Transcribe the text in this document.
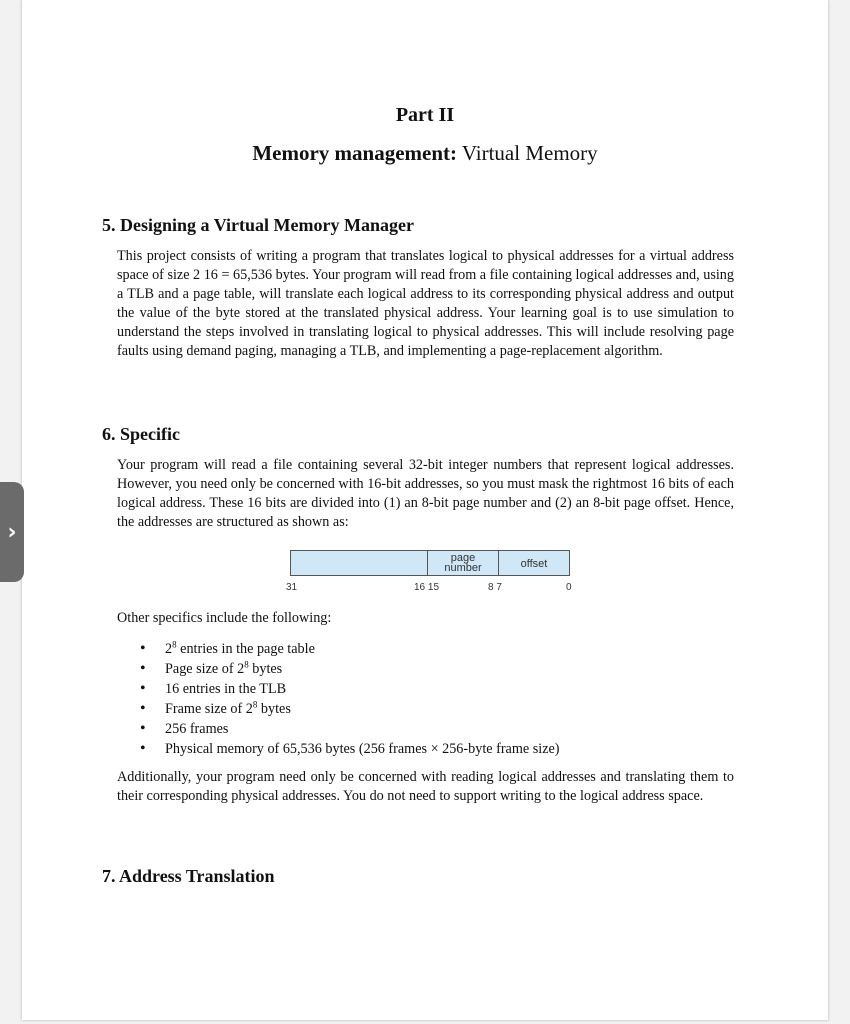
Part II
Memory management: Virtual Memory
5. Designing a Virtual Memory Manager
This project consists of writing a program that translates logical to physical addresses for a virtual address space of size 2 16 = 65,536 bytes. Your program will read from a file containing logical addresses and, using a TLB and a page table, will translate each logical address to its corresponding physical address and output the value of the byte stored at the translated physical address. Your learning goal is to use simulation to understand the steps involved in translating logical to physical addresses. This will include resolving page faults using demand paging, managing a TLB, and implementing a page-replacement algorithm.
6. Specific
Your program will read a file containing several 32-bit integer numbers that represent logical addresses. However, you need only be concerned with 16-bit addresses, so you must mask the rightmost 16 bits of each logical address. These 16 bits are divided into (1) an 8-bit page number and (2) an 8-bit page offset. Hence, the addresses are structured as shown as:
page
number	offset
31	16 15	8 7	0
Other specifics include the following:
• $2^8$ entries in the page table
• Page size of $2^8$ bytes
• 16 entries in the TLB
• Frame size of $2^8$ bytes
• 256 frames
• Physical memory of 65,536 bytes (256 frames × 256-byte frame size)
Additionally, your program need only be concerned with reading logical addresses and translating them to their corresponding physical addresses. You do not need to support writing to the logical address space.
7. Address Translation
›
